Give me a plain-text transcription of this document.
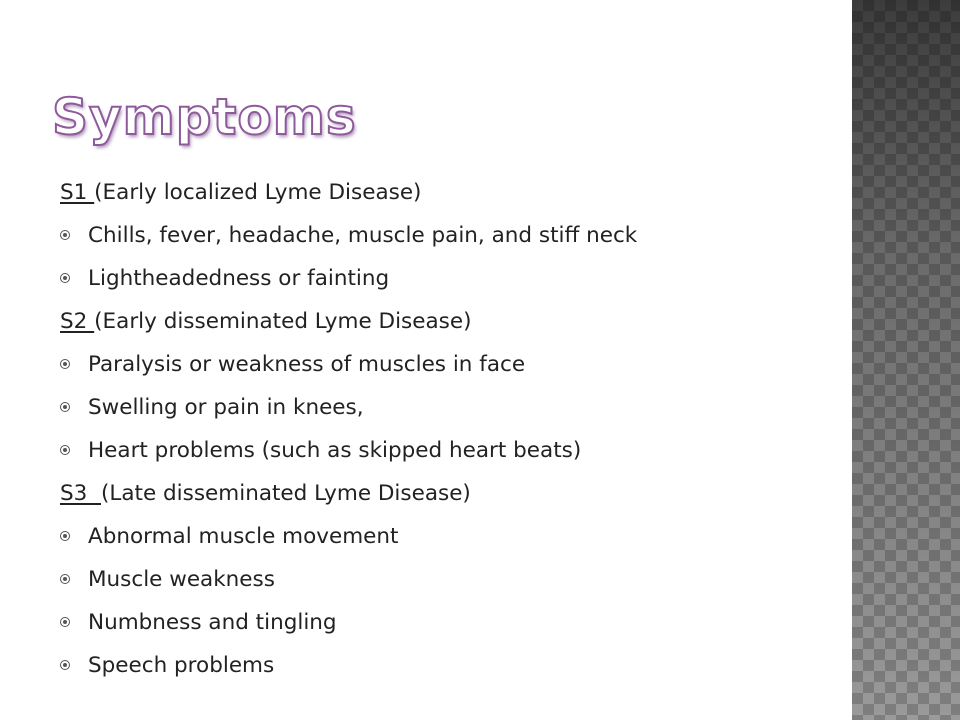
Symptoms
S1 (Early localized Lyme Disease)
Chills, fever, headache, muscle pain, and stiff neck
Lightheadedness or fainting
S2 (Early disseminated Lyme Disease)
Paralysis or weakness of muscles in face
Swelling or pain in knees,
Heart problems (such as skipped heart beats)
S3  (Late disseminated Lyme Disease)
Abnormal muscle movement
Muscle weakness
Numbness and tingling
Speech problems
